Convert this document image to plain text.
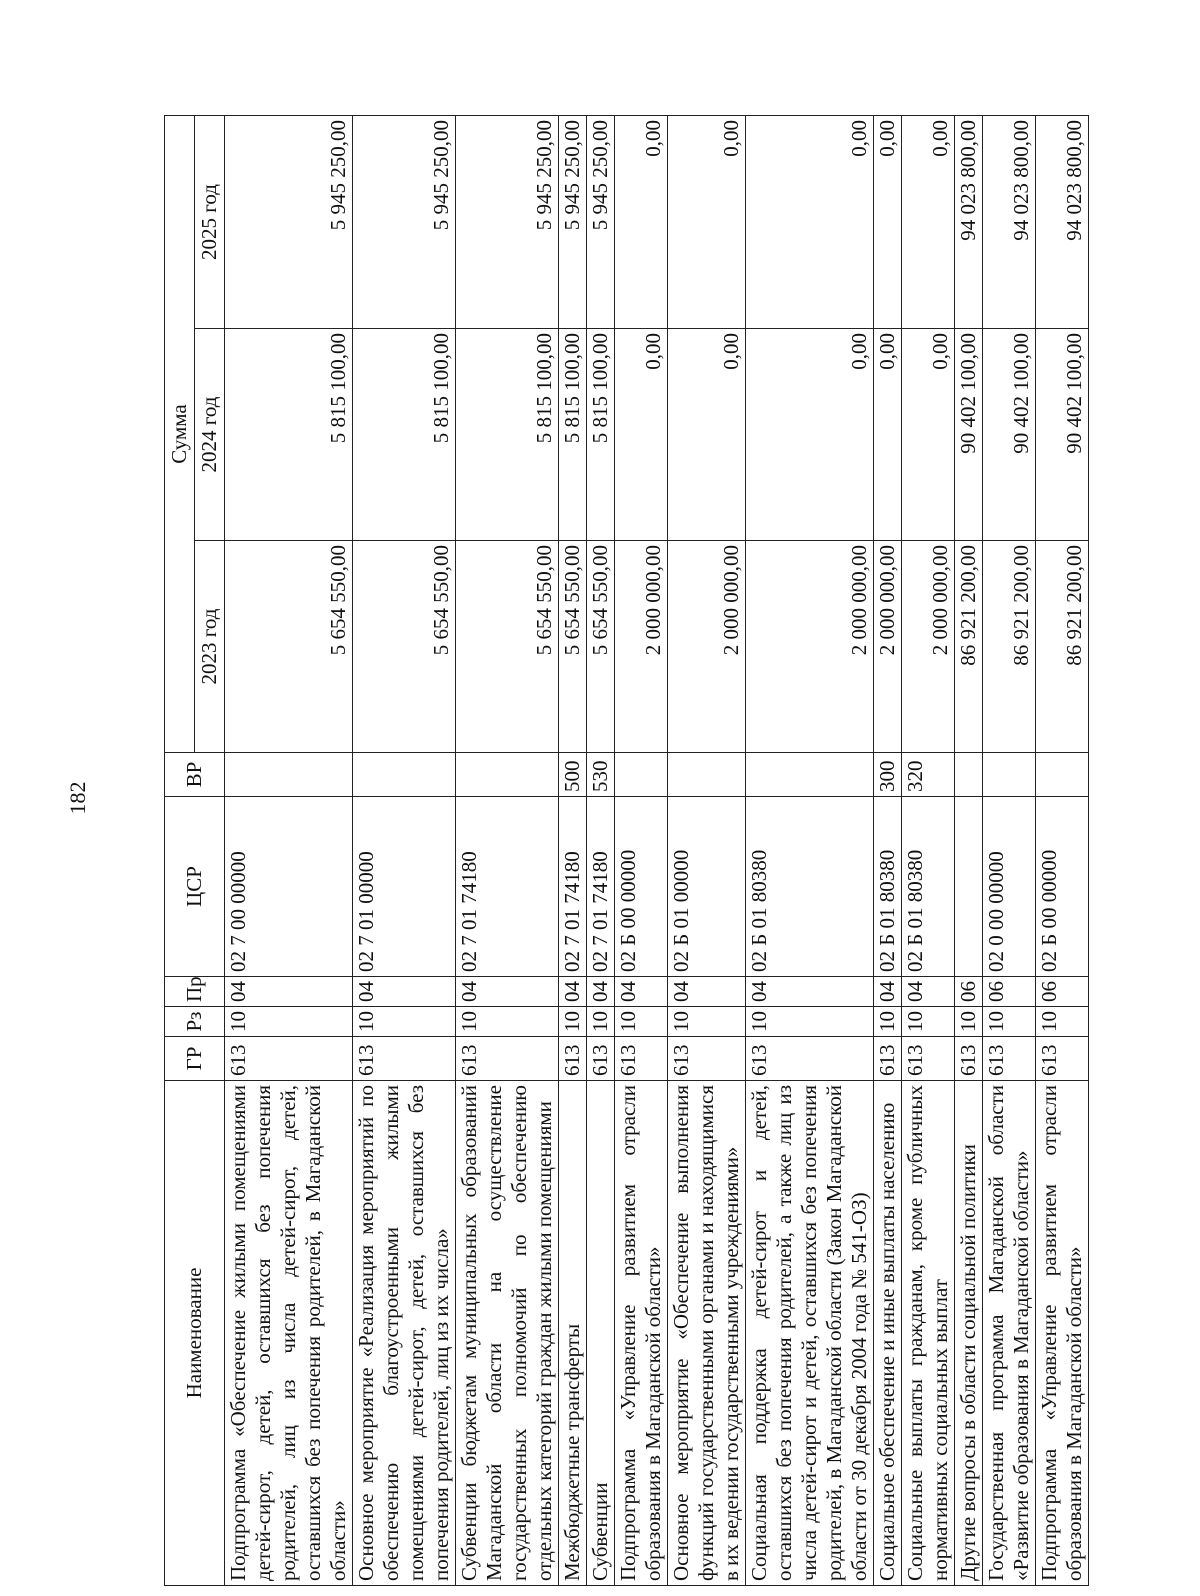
182
Наименование	ГР	Рз	Пр	ЦСР	ВР	Сумма		
						2023 год	2024 год	2025 год
Подпрограмма «Обеспечение жилыми помещениями детей-сирот, детей, оставшихся без попечения родителей, лиц из числа детей-сирот, детей, оставшихся без попечения родителей, в Магаданской области»	613	10	04	02 7 00 00000		5 654 550,00	5 815 100,00	5 945 250,00
Основное мероприятие «Реализация мероприятий по обеспечению благоустроенными жилыми помещениями детей-сирот, детей, оставшихся без попечения родителей, лиц из их числа»	613	10	04	02 7 01 00000		5 654 550,00	5 815 100,00	5 945 250,00
Субвенции бюджетам муниципальных образований Магаданской области на осуществление государственных полномочий по обеспечению отдельных категорий граждан жилыми помещениями	613	10	04	02 7 01 74180		5 654 550,00	5 815 100,00	5 945 250,00
Межбюджетные трансферты	613	10	04	02 7 01 74180	500	5 654 550,00	5 815 100,00	5 945 250,00
Субвенции	613	10	04	02 7 01 74180	530	5 654 550,00	5 815 100,00	5 945 250,00
Подпрограмма «Управление развитием отрасли образования в Магаданской области»	613	10	04	02 Б 00 00000		2 000 000,00	0,00	0,00
Основное мероприятие «Обеспечение выполнения функций государственными органами и находящимися в их ведении государственными учреждениями»	613	10	04	02 Б 01 00000		2 000 000,00	0,00	0,00
Социальная поддержка детей-сирот и детей, оставшихся без попечения родителей, а также лиц из числа детей-сирот и детей, оставшихся без попечения родителей, в Магаданской области (Закон Магаданской области от 30 декабря 2004 года № 541-ОЗ)	613	10	04	02 Б 01 80380		2 000 000,00	0,00	0,00
Социальное обеспечение и иные выплаты населению	613	10	04	02 Б 01 80380	300	2 000 000,00	0,00	0,00
Социальные выплаты гражданам, кроме публичных нормативных социальных выплат	613	10	04	02 Б 01 80380	320	2 000 000,00	0,00	0,00
Другие вопросы в области социальной политики	613	10	06			86 921 200,00	90 402 100,00	94 023 800,00
Государственная программа Магаданской области «Развитие образования в Магаданской области»	613	10	06	02 0 00 00000		86 921 200,00	90 402 100,00	94 023 800,00
Подпрограмма «Управление развитием отрасли образования в Магаданской области»	613	10	06	02 Б 00 00000		86 921 200,00	90 402 100,00	94 023 800,00
